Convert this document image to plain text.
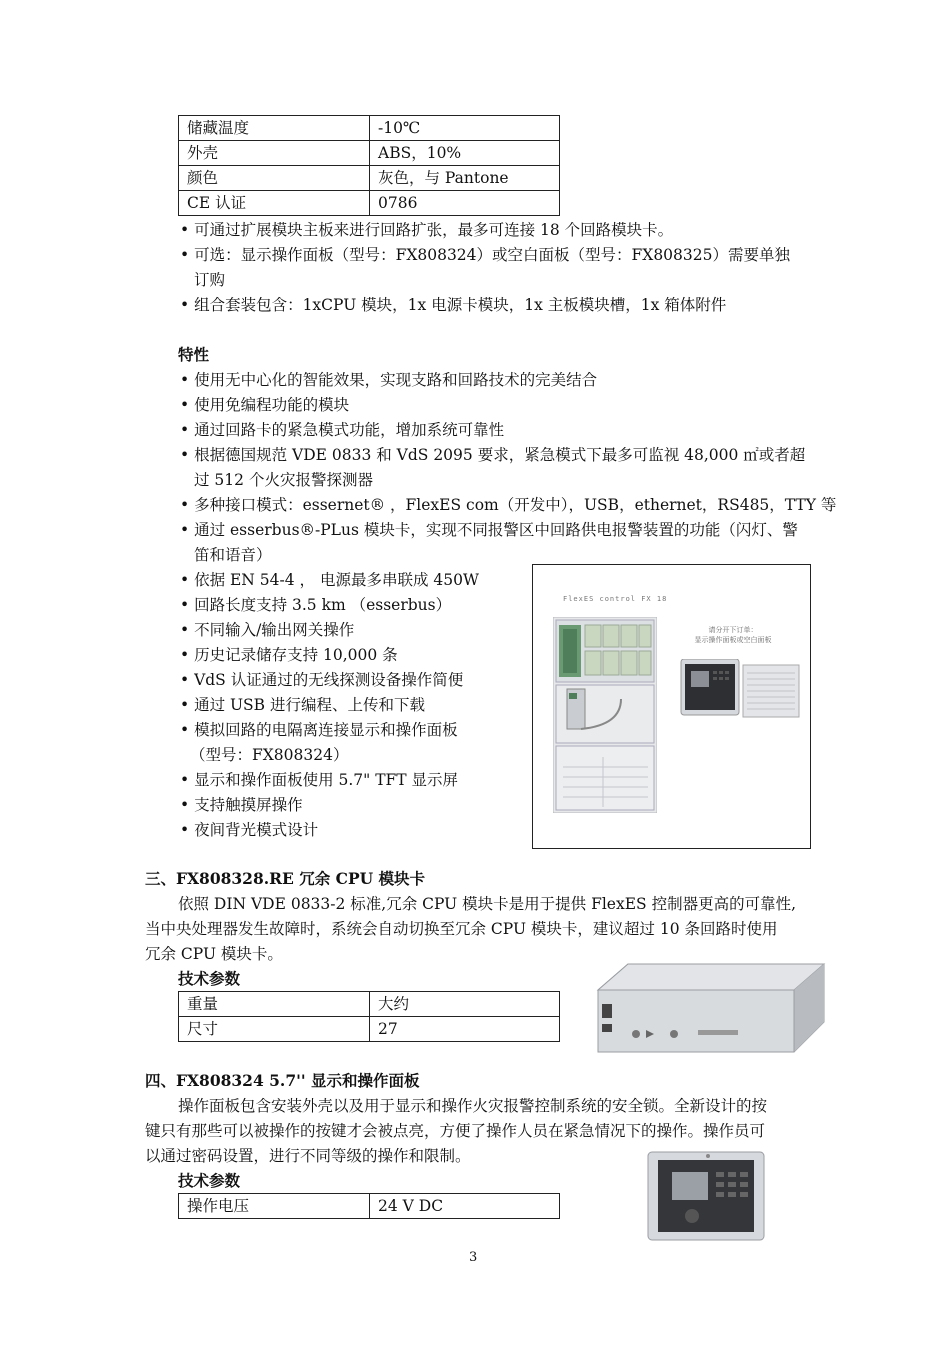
储藏温度	-10℃
外壳	ABS，10%
颜色	灰色，与 Pantone
CE 认证	0786
• 可通过扩展模块主板来进行回路扩张，最多可连接 18 个回路模块卡。
• 可选：显示操作面板（型号：FX808324）或空白面板（型号：FX808325）需要单独
订购
• 组合套装包含：1xCPU 模块，1x 电源卡模块，1x 主板模块槽，1x 箱体附件
特性
• 使用无中心化的智能效果，实现支路和回路技术的完美结合
• 使用免编程功能的模块
• 通过回路卡的紧急模式功能，增加系统可靠性
• 根据德国规范 VDE 0833 和 VdS 2095 要求，紧急模式下最多可监视 48,000 ㎡或者超
过 512 个火灾报警探测器
• 多种接口模式：essernet® ，FlexES com（开发中），USB，ethernet，RS485，TTY 等
• 通过 esserbus®-PLus 模块卡，实现不同报警区中回路供电报警装置的功能（闪灯、警
笛和语音）
• 依据 EN 54-4 ， 电源最多串联成 450W
• 回路长度支持 3.5 km （esserbus）
• 不同输入/输出网关操作
• 历史记录储存支持 10,000 条
• VdS 认证通过的无线探测设备操作简便
• 通过 USB 进行编程、上传和下载
• 模拟回路的电隔离连接显示和操作面板
（型号：FX808324）
• 显示和操作面板使用 5.7" TFT 显示屏
• 支持触摸屏操作
• 夜间背光模式设计
FlexES control FX 18
请分开下订单：
显示操作面板或空白面板
三、FX808328.RE 冗余 CPU 模块卡
依照 DIN VDE 0833-2 标准,冗余 CPU 模块卡是用于提供 FlexES 控制器更高的可靠性,
当中央处理器发生故障时，系统会自动切换至冗余 CPU 模块卡，建议超过 10 条回路时使用
冗余 CPU 模块卡。
技术参数
重量	大约
尺寸	27
四、FX808324 5.7'' 显示和操作面板
操作面板包含安装外壳以及用于显示和操作火灾报警控制系统的安全锁。全新设计的按
键只有那些可以被操作的按键才会被点亮，方便了操作人员在紧急情况下的操作。操作员可
以通过密码设置，进行不同等级的操作和限制。
技术参数
操作电压	24 V DC
3
